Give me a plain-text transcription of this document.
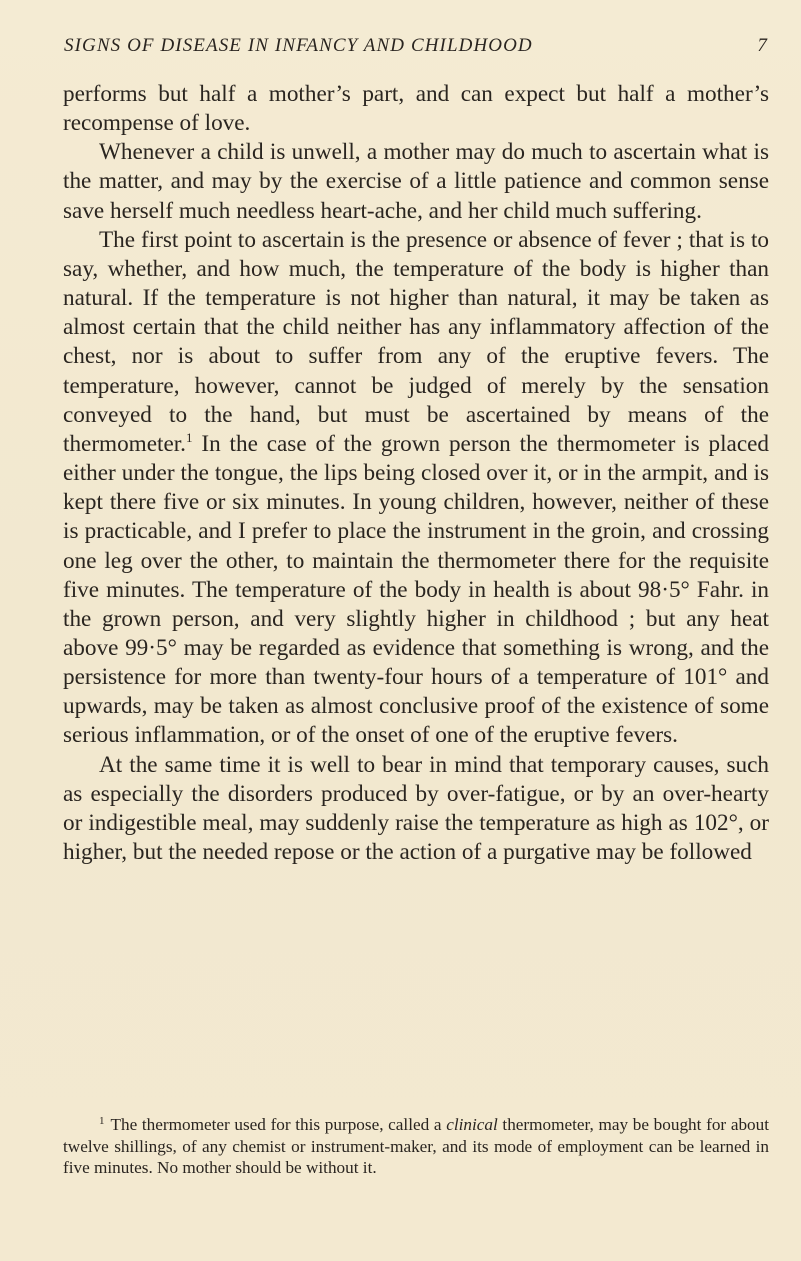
SIGNS OF DISEASE IN INFANCY AND CHILDHOOD	7

performs but half a mother’s part, and can expect but half a mother’s recompense of love.

Whenever a child is unwell, a mother may do much to ascertain what is the matter, and may by the exercise of a little patience and common sense save herself much needless heart-ache, and her child much suffering.

The first point to ascertain is the presence or absence of fever ; that is to say, whether, and how much, the temperature of the body is higher than natural. If the temperature is not higher than natural, it may be taken as almost certain that the child neither has any inflammatory affection of the chest, nor is about to suffer from any of the eruptive fevers. The temperature, however, cannot be judged of merely by the sensation conveyed to the hand, but must be ascertained by means of the thermometer.$^1$ In the case of the grown person the thermometer is placed either under the tongue, the lips being closed over it, or in the armpit, and is kept there five or six minutes. In young children, however, neither of these is practicable, and I prefer to place the instrument in the groin, and crossing one leg over the other, to maintain the thermometer there for the requisite five minutes. The temperature of the body in health is about 98·5° Fahr. in the grown person, and very slightly higher in childhood ; but any heat above 99·5° may be regarded as evidence that something is wrong, and the persistence for more than twenty-four hours of a temperature of 101° and upwards, may be taken as almost conclusive proof of the existence of some serious inflammation, or of the onset of one of the eruptive fevers.

At the same time it is well to bear in mind that temporary causes, such as especially the disorders produced by over-fatigue, or by an over-hearty or indigestible meal, may suddenly raise the temperature as high as 102°, or higher, but the needed repose or the action of a purgative may be followed

$^1$ The thermometer used for this purpose, called a clinical thermometer, may be bought for about twelve shillings, of any chemist or instrument-maker, and its mode of employment can be learned in five minutes. No mother should be without it.
